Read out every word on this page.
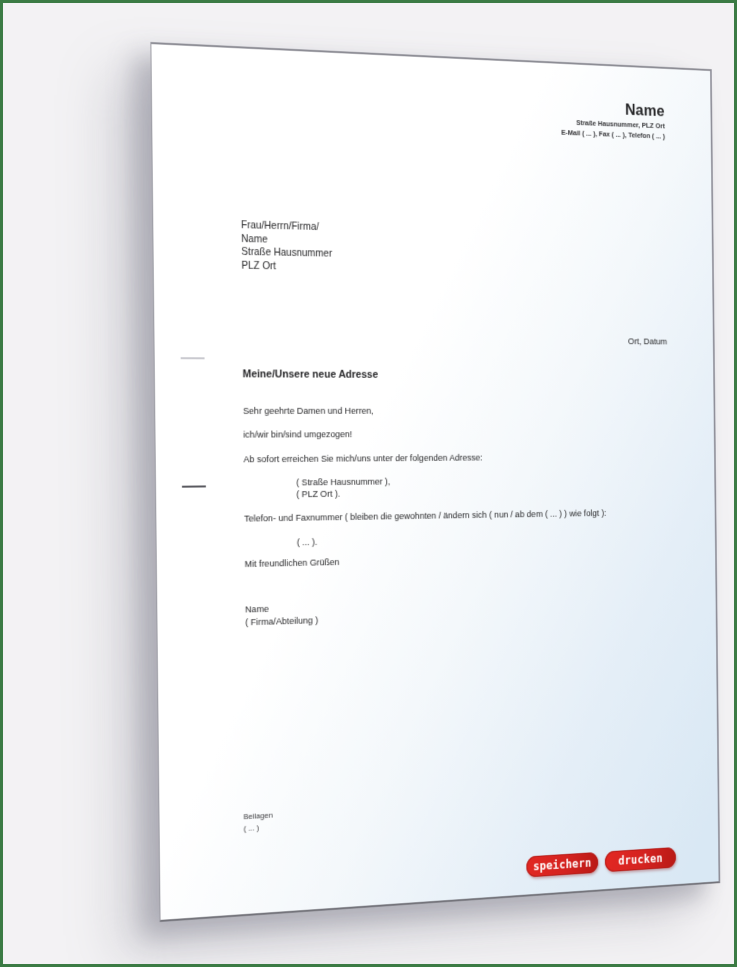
Name
Straße Hausnummer, PLZ Ort
E-Mail ( ... ), Fax ( ... ), Telefon ( ... )
Frau/Herrn/Firma/
Name
Straße Hausnummer
PLZ Ort
Ort, Datum
Meine/Unsere neue Adresse
Sehr geehrte Damen und Herren,
ich/wir bin/sind umgezogen!
Ab sofort erreichen Sie mich/uns unter der folgenden Adresse:
( Straße Hausnummer ),
( PLZ Ort ).
Telefon- und Faxnummer ( bleiben die gewohnten / ändern sich ( nun / ab dem ( ... ) ) wie folgt ):
( ... ).
Mit freundlichen Grüßen
Name
( Firma/Abteilung )
Beilagen
( ... )
speichern	drucken
